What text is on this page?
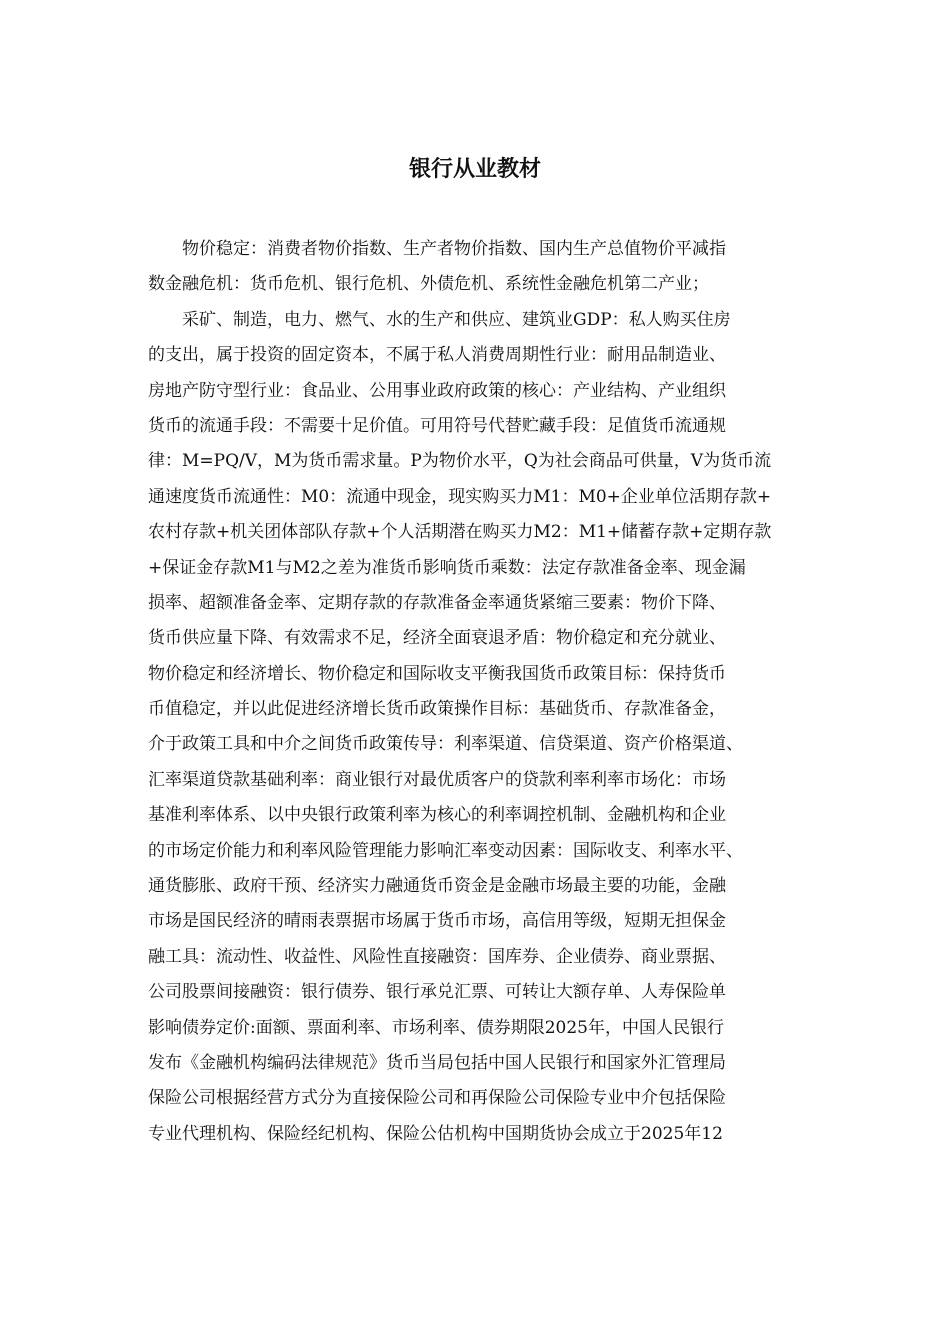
银行从业教材
物价稳定：消费者物价指数、生产者物价指数、国内生产总值物价平减指
数金融危机：货币危机、银行危机、外债危机、系统性金融危机第二产业；
采矿、制造，电力、燃气、水的生产和供应、建筑业GDP：私人购买住房
的支出，属于投资的固定资本，不属于私人消费周期性行业：耐用品制造业、
房地产防守型行业：食品业、公用事业政府政策的核心：产业结构、产业组织
货币的流通手段：不需要十足价值。可用符号代替贮藏手段：足值货币流通规
律：M=PQ/V，M为货币需求量。P为物价水平，Q为社会商品可供量，V为货币流
通速度货币流通性：M0：流通中现金，现实购买力M1：M0+企业单位活期存款+
农村存款+机关团体部队存款+个人活期潜在购买力M2：M1+储蓄存款+定期存款
+保证金存款M1与M2之差为准货币影响货币乘数：法定存款准备金率、现金漏
损率、超额准备金率、定期存款的存款准备金率通货紧缩三要素：物价下降、
货币供应量下降、有效需求不足，经济全面衰退矛盾：物价稳定和充分就业、
物价稳定和经济增长、物价稳定和国际收支平衡我国货币政策目标：保持货币
币值稳定，并以此促进经济增长货币政策操作目标：基础货币、存款准备金，
介于政策工具和中介之间货币政策传导：利率渠道、信贷渠道、资产价格渠道、
汇率渠道贷款基础利率：商业银行对最优质客户的贷款利率利率市场化：市场
基准利率体系、以中央银行政策利率为核心的利率调控机制、金融机构和企业
的市场定价能力和利率风险管理能力影响汇率变动因素：国际收支、利率水平、
通货膨胀、政府干预、经济实力融通货币资金是金融市场最主要的功能，金融
市场是国民经济的晴雨表票据市场属于货币市场，高信用等级，短期无担保金
融工具：流动性、收益性、风险性直接融资：国库券、企业债券、商业票据、
公司股票间接融资：银行债券、银行承兑汇票、可转让大额存单、人寿保险单
影响债券定价:面额、票面利率、市场利率、债券期限2025年，中国人民银行
发布《金融机构编码法律规范》货币当局包括中国人民银行和国家外汇管理局
保险公司根据经营方式分为直接保险公司和再保险公司保险专业中介包括保险
专业代理机构、保险经纪机构、保险公估机构中国期货协会成立于2025年12
